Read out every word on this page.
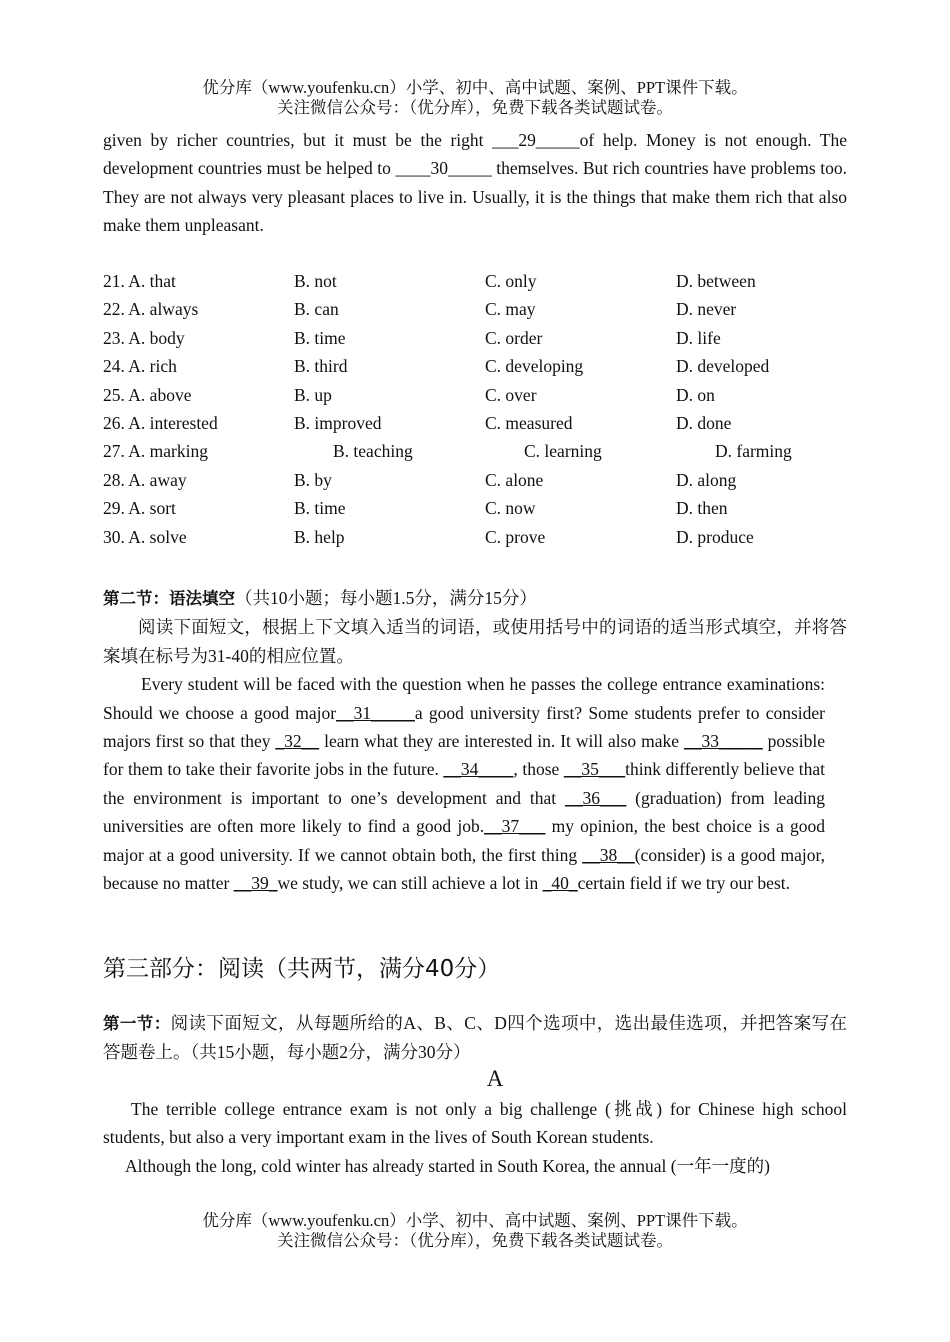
优分库（www.youfenku.cn）小学、初中、高中试题、案例、PPT课件下载。
关注微信公众号：（优分库），免费下载各类试题试卷。
given by richer countries, but it must be the right ___29_____of help. Money is not enough. The development countries must be helped to ____30_____ themselves. But rich countries have problems too. They are not always very pleasant places to live in. Usually, it is the things that make them rich that also make them unpleasant.
21. A. that	B. not	C. only	D. between
22. A. always	B. can	C. may	D. never
23. A. body	B. time	C. order	D. life
24. A. rich	B. third	C. developing	D. developed
25. A. above	B. up	C. over	D. on
26. A. interested	B. improved	C. measured	D. done
27. A. marking	B. teaching	C. learning	D. farming
28. A. away	B. by	C. alone	D. along
29. A. sort	B. time	C. now	D. then
30. A. solve	B. help	C. prove	D. produce
第二节：语法填空（共10小题；每小题1.5分，满分15分）
阅读下面短文，根据上下文填入适当的词语，或使用括号中的词语的适当形式填空，并将答案填在标号为31-40的相应位置。
Every student will be faced with the question when he passes the college entrance examinations: Should we choose a good major__31_____a good university first? Some students prefer to consider majors first so that they _32__ learn what they are interested in. It will also make __33_____ possible for them to take their favorite jobs in the future. __34____, those __35___think differently believe that the environment is important to one’s development and that __36___ (graduation) from leading universities are often more likely to find a good job.__37___ my opinion, the best choice is a good major at a good university. If we cannot obtain both, the first thing __38__(consider) is a good major, because no matter __39_we study, we can still achieve a lot in _40_certain field if we try our best.
第三部分：阅读（共两节，满分40分）
第一节：阅读下面短文，从每题所给的A、B、C、D四个选项中，选出最佳选项，并把答案写在答题卷上。（共15小题，每小题2分，满分30分）
A
The terrible college entrance exam is not only a big challenge (挑战) for Chinese high school students, but also a very important exam in the lives of South Korean students.
Although the long, cold winter has already started in South Korea, the annual (一年一度的)
优分库（www.youfenku.cn）小学、初中、高中试题、案例、PPT课件下载。
关注微信公众号：（优分库），免费下载各类试题试卷。
